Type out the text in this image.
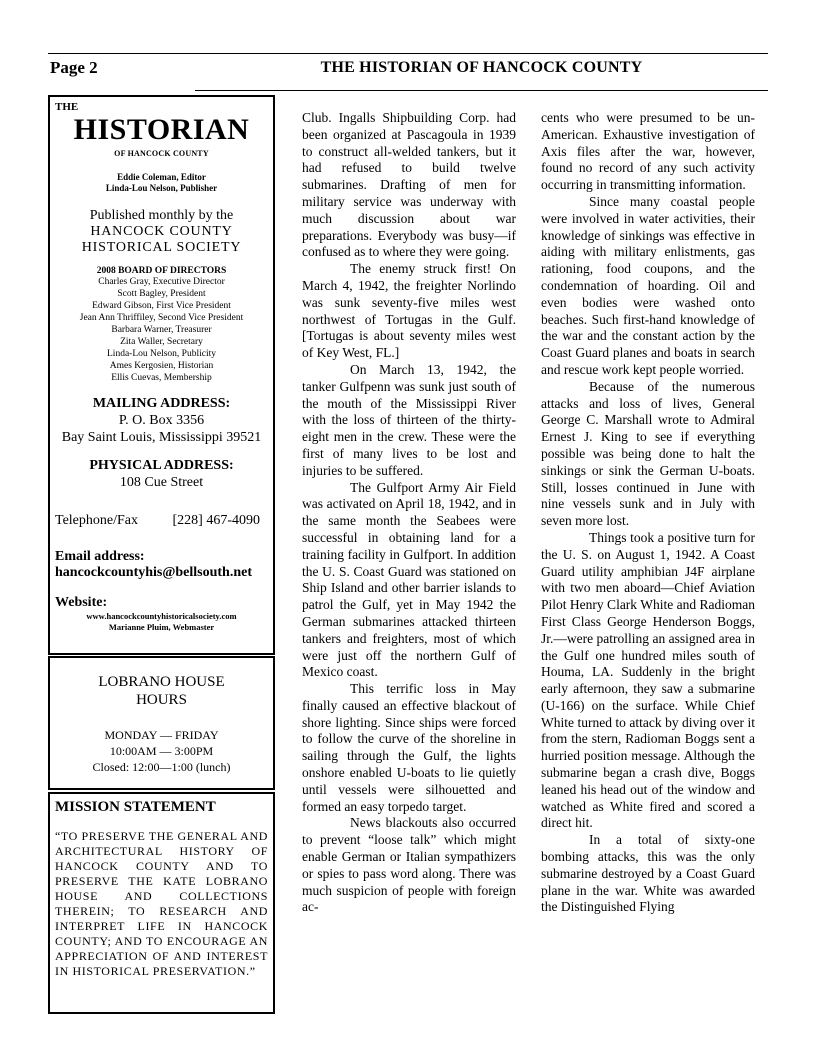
Page 2	THE HISTORIAN OF HANCOCK COUNTY
THE
HISTORIAN
OF HANCOCK COUNTY
Eddie Coleman, Editor
Linda-Lou Nelson, Publisher
Published monthly by the
HANCOCK COUNTY
HISTORICAL SOCIETY
2008 BOARD OF DIRECTORS
Charles Gray, Executive Director
Scott Bagley, President
Edward Gibson, First Vice President
Jean Ann Thriffiley, Second Vice President
Barbara Warner, Treasurer
Zita Waller, Secretary
Linda-Lou Nelson, Publicity
Ames Kergosien, Historian
Ellis Cuevas, Membership
MAILING ADDRESS:
P. O. Box 3356
Bay Saint Louis, Mississippi 39521
PHYSICAL ADDRESS:
108 Cue Street
Telephone/Fax [228] 467-4090
Email address:
hancockcountyhis@bellsouth.net
Website:
www.hancockcountyhistoricalsociety.com
Marianne Pluim, Webmaster
LOBRANO HOUSE
HOURS
MONDAY — FRIDAY
10:00AM — 3:00PM
Closed: 12:00—1:00 (lunch)
MISSION STATEMENT
“TO PRESERVE THE GENERAL AND ARCHITECTURAL HISTORY OF HANCOCK COUNTY AND TO PRESERVE THE KATE LOBRANO HOUSE AND COLLECTIONS THEREIN; TO RESEARCH AND INTERPRET LIFE IN HANCOCK COUNTY; AND TO ENCOURAGE AN APPRECIATION OF AND INTEREST IN HISTORICAL PRESERVATION.”

Club. Ingalls Shipbuilding Corp. had been organized at Pascagoula in 1939 to construct all-welded tankers, but it had refused to build twelve submarines. Drafting of men for military service was underway with much discussion about war preparations. Everybody was busy—if confused as to where they were going.

The enemy struck first! On March 4, 1942, the freighter Norlindo was sunk seventy-five miles west northwest of Tortugas in the Gulf. [Tortugas is about seventy miles west of Key West, FL.]

On March 13, 1942, the tanker Gulfpenn was sunk just south of the mouth of the Mississippi River with the loss of thirteen of the thirty-eight men in the crew. These were the first of many lives to be lost and injuries to be suffered.

The Gulfport Army Air Field was activated on April 18, 1942, and in the same month the Seabees were successful in obtaining land for a training facility in Gulfport. In addition the U. S. Coast Guard was stationed on Ship Island and other barrier islands to patrol the Gulf, yet in May 1942 the German submarines attacked thirteen tankers and freighters, most of which were just off the northern Gulf of Mexico coast.

This terrific loss in May finally caused an effective blackout of shore lighting. Since ships were forced to follow the curve of the shoreline in sailing through the Gulf, the lights onshore enabled U-boats to lie quietly until vessels were silhouetted and formed an easy torpedo target.

News blackouts also occurred to prevent “loose talk” which might enable German or Italian sympathizers or spies to pass word along. There was much suspicion of people with foreign ac-

cents who were presumed to be un-American. Exhaustive investigation of Axis files after the war, however, found no record of any such activity occurring in transmitting information.

Since many coastal people were involved in water activities, their knowledge of sinkings was effective in aiding with military enlistments, gas rationing, food coupons, and the condemnation of hoarding. Oil and even bodies were washed onto beaches. Such first-hand knowledge of the war and the constant action by the Coast Guard planes and boats in search and rescue work kept people worried.

Because of the numerous attacks and loss of lives, General George C. Marshall wrote to Admiral Ernest J. King to see if everything possible was being done to halt the sinkings or sink the German U-boats. Still, losses continued in June with nine vessels sunk and in July with seven more lost.

Things took a positive turn for the U. S. on August 1, 1942. A Coast Guard utility amphibian J4F airplane with two men aboard—Chief Aviation Pilot Henry Clark White and Radioman First Class George Henderson Boggs, Jr.—were patrolling an assigned area in the Gulf one hundred miles south of Houma, LA. Suddenly in the bright early afternoon, they saw a submarine (U-166) on the surface. While Chief White turned to attack by diving over it from the stern, Radioman Boggs sent a hurried position message. Although the submarine began a crash dive, Boggs leaned his head out of the window and watched as White fired and scored a direct hit.

In a total of sixty-one bombing attacks, this was the only submarine destroyed by a Coast Guard plane in the war. White was awarded the Distinguished Flying
